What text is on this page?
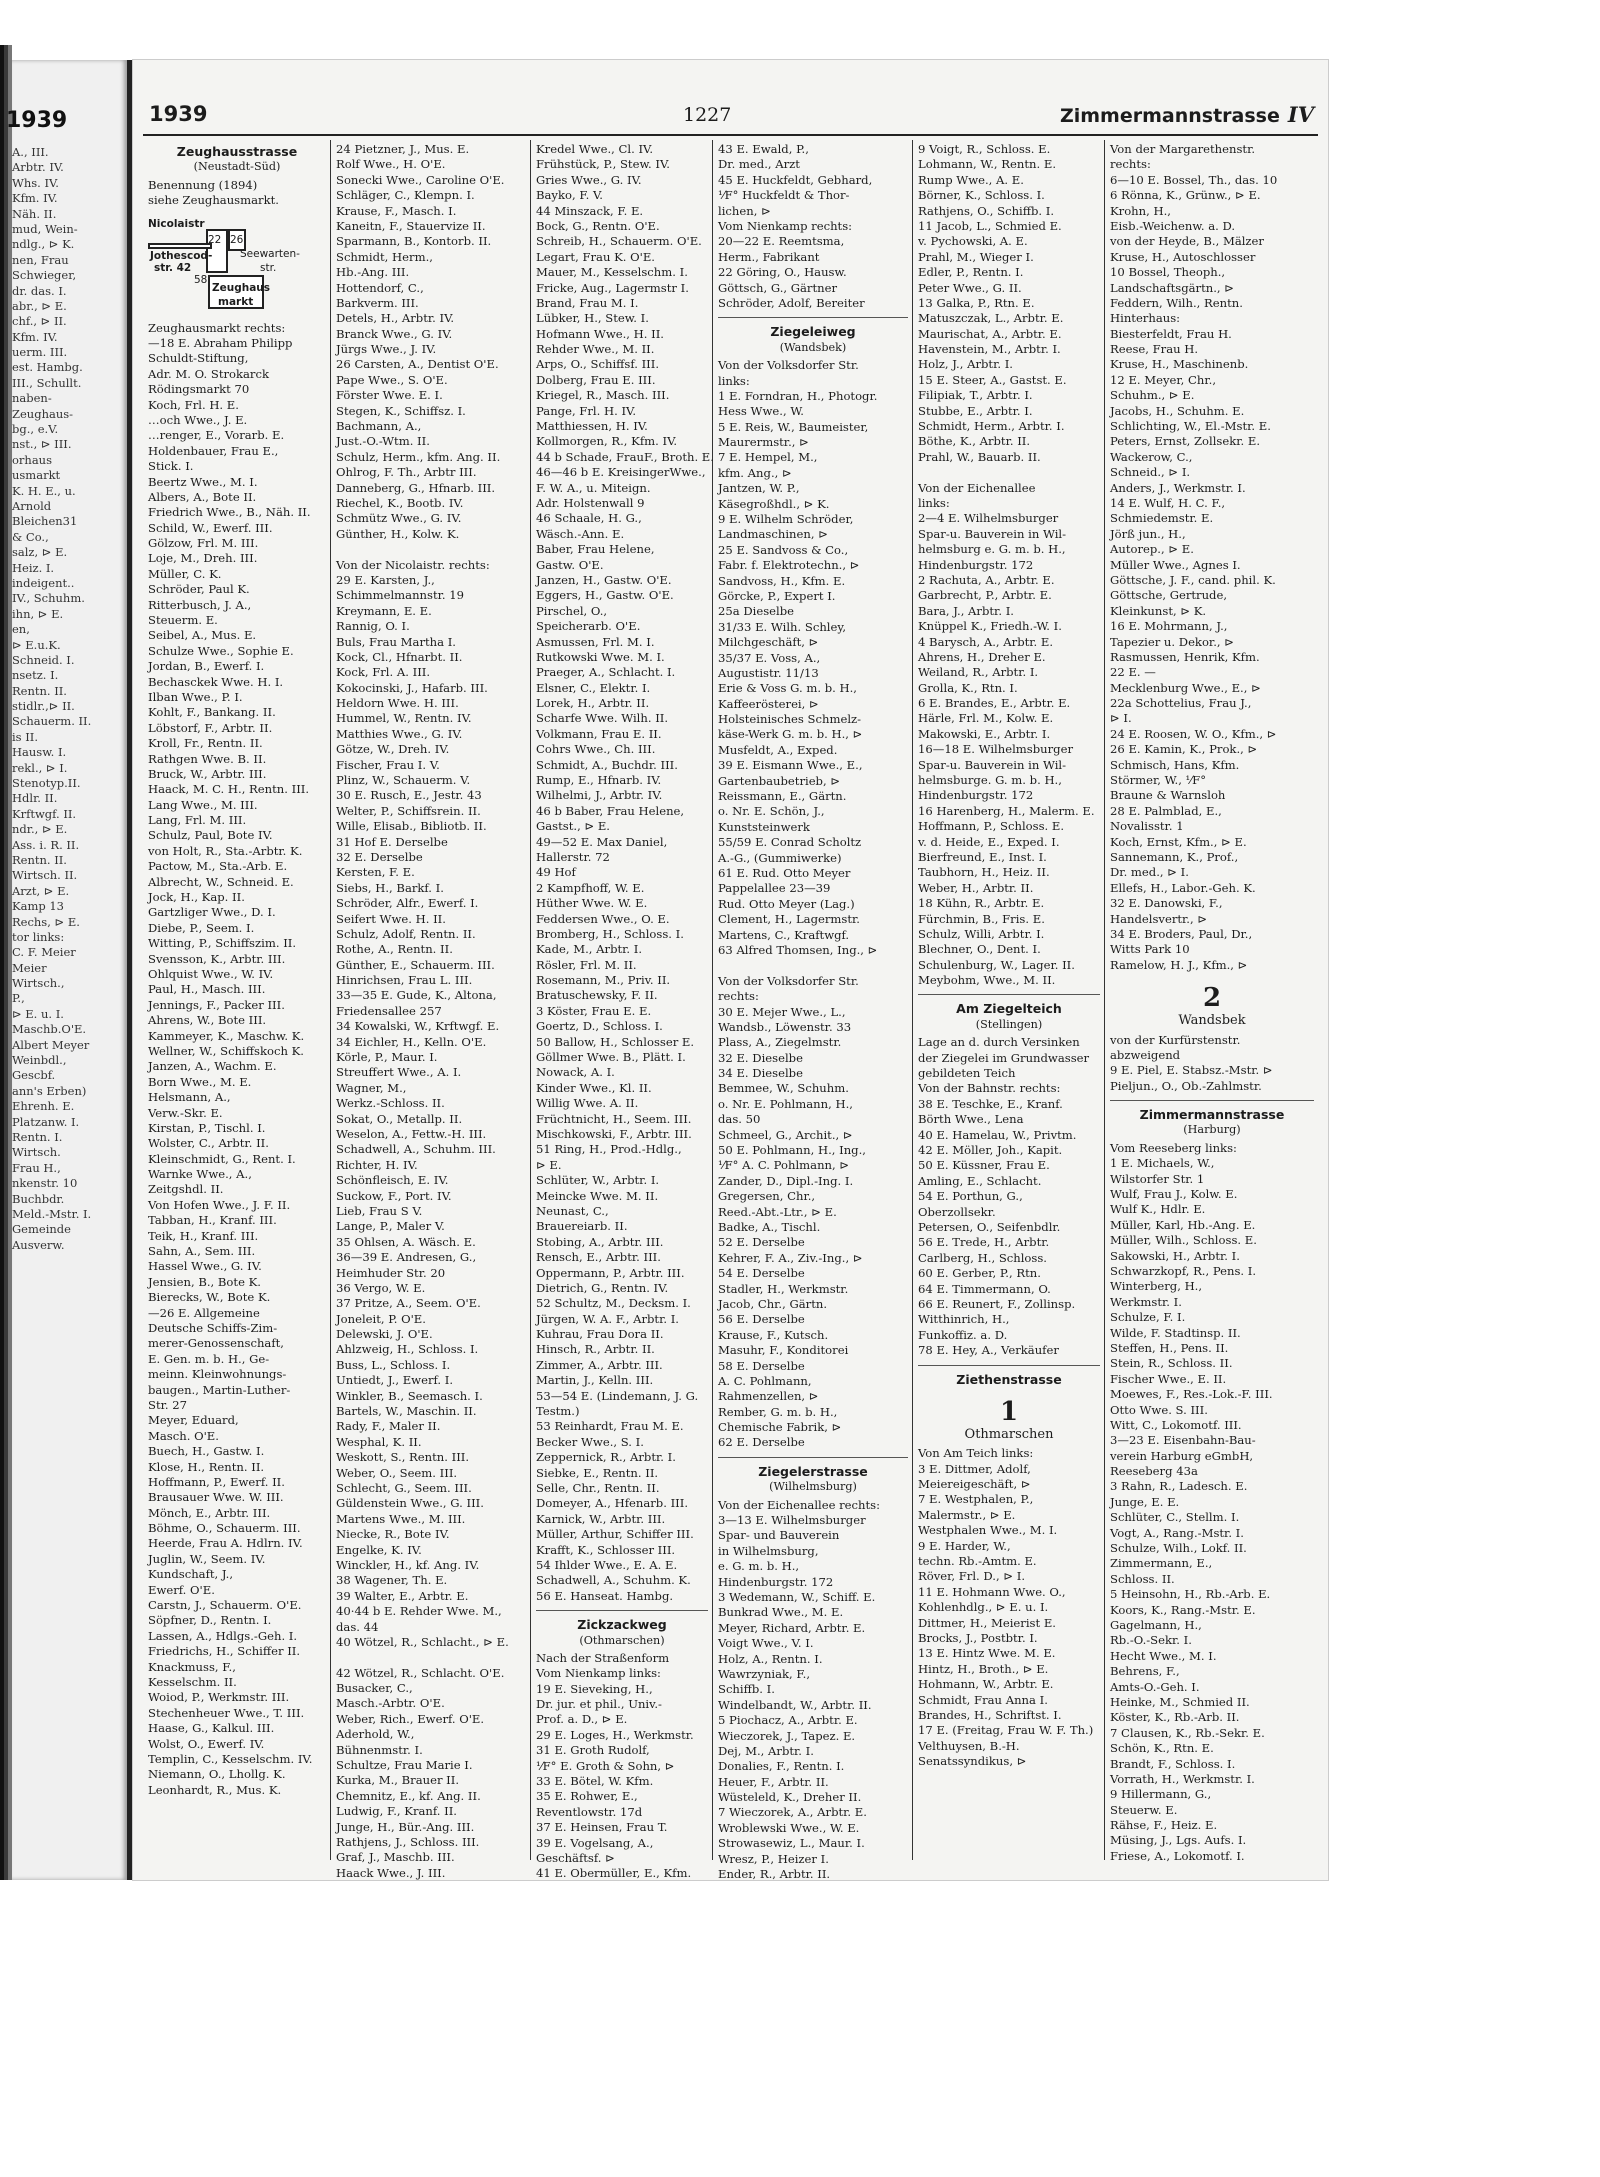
1939
A., III.
Arbtr. IV.
Whs. IV.
Kfm. IV.
Näh. II.
mud, Wein-
ndlg., ⊳ K.
nen, Frau
Schwieger,
dr. das. I.
abr., ⊳ E.
chf., ⊳ II.
Kfm. IV.
uerm. III.
est. Hambg.
III., Schullt.
naben-
Zeughaus-
bg., e.V.
nst., ⊳ III.
orhaus
usmarkt
K. H. E., u.
Arnold
Bleichen31
& Co.,
salz, ⊳ E.
Heiz. I.
indeigent..
IV., Schuhm.
ihn, ⊳ E.
en,
⊳ E.u.K.
Schneid. I.
nsetz. I.
Rentn. II.
stidlr.,⊳ II.
Schauerm. II.
is II.
Hausw. I.
rekl., ⊳ I.
Stenotyp.II.
Hdlr. II.
Krftwgf. II.
ndr., ⊳ E.
Ass. i. R. II.
Rentn. II.
Wirtsch. II.
Arzt, ⊳ E.
Kamp 13
Rechs, ⊳ E.
tor links:
C. F. Meier
Meier
Wirtsch.,
P.,
⊳ E. u. I.
Maschb.O'E.
Albert Meyer
Weinbdl.,
Gescbf.
ann's Erben)
Ehrenh. E.
Platzanw. I.
Rentn. I.
Wirtsch.
Frau H.,
nkenstr. 10
Buchbdr.
Meld.-Mstr. I.
Gemeinde
Ausverw.
1939	1227	Zimmermannstrasse IV
Zeughausstrasse
(Neustadt-Süd)
Benennung (1894)
siehe Zeughausmarkt.
Nicolaistr
22 26
Seewarten-
str.
Jothescod-
str. 42
58
Zeughaus
markt
Zeughausmarkt rechts:
—18 E. Abraham Philipp
Schuldt-Stiftung,
Adr. M. O. Strokarck
Rödingsmarkt 70
Koch, Frl. H. E.
…och Wwe., J. E.
…renger, E., Vorarb. E.
Holdenbauer, Frau E.,
Stick. I.
Beertz Wwe., M. I.
Albers, A., Bote II.
Friedrich Wwe., B., Näh. II.
Schild, W., Ewerf. III.
Gölzow, Frl. M. III.
Loje, M., Dreh. III.
Müller, C. K.
Schröder, Paul K.
Ritterbusch, J. A.,
Steuerm. E.
Seibel, A., Mus. E.
Schulze Wwe., Sophie E.
Jordan, B., Ewerf. I.
Bechasckek Wwe. H. I.
Ilban Wwe., P. I.
Kohlt, F., Bankang. II.
Löbstorf, F., Arbtr. II.
Kroll, Fr., Rentn. II.
Rathgen Wwe. B. II.
Bruck, W., Arbtr. III.
Haack, M. C. H., Rentn. III.
Lang Wwe., M. III.
Lang, Frl. M. III.
Schulz, Paul, Bote IV.
von Holt, R., Sta.-Arbtr. K.
Pactow, M., Sta.-Arb. E.
Albrecht, W., Schneid. E.
Jock, H., Kap. II.
Gartzliger Wwe., D. I.
Diebe, P., Seem. I.
Witting, P., Schiffszim. II.
Svensson, K., Arbtr. III.
Ohlquist Wwe., W. IV.
Paul, H., Masch. III.
Jennings, F., Packer III.
Ahrens, W., Bote III.
Kammeyer, K., Maschw. K.
Wellner, W., Schiffskoch K.
Janzen, A., Wachm. E.
Born Wwe., M. E.
Helsmann, A.,
Verw.-Skr. E.
Kirstan, P., Tischl. I.
Wolster, C., Arbtr. II.
Kleinschmidt, G., Rent. I.
Warnke Wwe., A.,
Zeitgshdl. II.
Von Hofen Wwe., J. F. II.
Tabban, H., Kranf. III.
Teik, H., Kranf. III.
Sahn, A., Sem. III.
Hassel Wwe., G. IV.
Jensien, B., Bote K.
Bierecks, W., Bote K.
—26 E. Allgemeine
Deutsche Schiffs-Zim-
merer-Genossenschaft,
E. Gen. m. b. H., Ge-
meinn. Kleinwohnungs-
baugen., Martin-Luther-
Str. 27
Meyer, Eduard,
Masch. O'E.
Buech, H., Gastw. I.
Klose, H., Rentn. II.
Hoffmann, P., Ewerf. II.
Brausauer Wwe. W. III.
Mönch, E., Arbtr. III.
Böhme, O., Schauerm. III.
Heerde, Frau A. Hdlrn. IV.
Juglin, W., Seem. IV.
Kundschaft, J.,
Ewerf. O'E.
Carstn, J., Schauerm. O'E.
Söpfner, D., Rentn. I.
Lassen, A., Hdlgs.-Geh. I.
Friedrichs, H., Schiffer II.
Knackmuss, F.,
Kesselschm. II.
Woiod, P., Werkmstr. III.
Stechenheuer Wwe., T. III.
Haase, G., Kalkul. III.
Wolst, O., Ewerf. IV.
Templin, C., Kesselschm. IV.
Niemann, O., Lhollg. K.
Leonhardt, R., Mus. K.
24 Pietzner, J., Mus. E.
Rolf Wwe., H. O'E.
Sonecki Wwe., Caroline O'E.
Schläger, C., Klempn. I.
Krause, F., Masch. I.
Kaneitn, F., Stauervize II.
Sparmann, B., Kontorb. II.
Schmidt, Herm.,
Hb.-Ang. III.
Hottendorf, C.,
Barkverm. III.
Detels, H., Arbtr. IV.
Branck Wwe., G. IV.
Jürgs Wwe., J. IV.
26 Carsten, A., Dentist O'E.
Pape Wwe., S. O'E.
Förster Wwe. E. I.
Stegen, K., Schiffsz. I.
Bachmann, A.,
Just.-O.-Wtm. II.
Schulz, Herm., kfm. Ang. II.
Ohlrog, F. Th., Arbtr III.
Danneberg, G., Hfnarb. III.
Riechel, K., Bootb. IV.
Schmütz Wwe., G. IV.
Günther, H., Kolw. K.

Von der Nicolaistr. rechts:
29 E. Karsten, J.,
Schimmelmannstr. 19
Kreymann, E. E.
Rannig, O. I.
Buls, Frau Martha I.
Kock, Cl., Hfnarbt. II.
Kock, Frl. A. III.
Kokocinski, J., Hafarb. III.
Heldorn Wwe. H. III.
Hummel, W., Rentn. IV.
Matthies Wwe., G. IV.
Götze, W., Dreh. IV.
Fischer, Frau I. V.
Plinz, W., Schauerm. V.
30 E. Rusch, E., Jestr. 43
Welter, P., Schiffsrein. II.
Wille, Elisab., Bibliotb. II.
31 Hof E. Derselbe
32 E. Derselbe
Kersten, F. E.
Siebs, H., Barkf. I.
Schröder, Alfr., Ewerf. I.
Seifert Wwe. H. II.
Schulz, Adolf, Rentn. II.
Rothe, A., Rentn. II.
Günther, E., Schauerm. III.
Hinrichsen, Frau L. III.
33—35 E. Gude, K., Altona,
Friedensallee 257
34 Kowalski, W., Krftwgf. E.
34 Eichler, H., Kelln. O'E.
Körle, P., Maur. I.
Streuffert Wwe., A. I.
Wagner, M.,
Werkz.-Schloss. II.
Sokat, O., Metallp. II.
Weselon, A., Fettw.-H. III.
Schadwell, A., Schuhm. III.
Richter, H. IV.
Schönfleisch, E. IV.
Suckow, F., Port. IV.
Lieb, Frau S V.
Lange, P., Maler V.
35 Ohlsen, A. Wäsch. E.
36—39 E. Andresen, G.,
Heimhuder Str. 20
36 Vergo, W. E.
37 Pritze, A., Seem. O'E.
Joneleit, P. O'E.
Delewski, J. O'E.
Ahlzweig, H., Schloss. I.
Buss, L., Schloss. I.
Untiedt, J., Ewerf. I.
Winkler, B., Seemasch. I.
Bartels, W., Maschin. II.
Rady, F., Maler II.
Wesphal, K. II.
Weskott, S., Rentn. III.
Weber, O., Seem. III.
Schlecht, G., Seem. III.
Güldenstein Wwe., G. III.
Martens Wwe., M. III.
Niecke, R., Bote IV.
Engelke, K. IV.
Winckler, H., kf. Ang. IV.
38 Wagener, Th. E.
39 Walter, E., Arbtr. E.
40·44 b E. Rehder Wwe. M.,
das. 44
40 Wötzel, R., Schlacht., ⊳ E.

42 Wötzel, R., Schlacht. O'E.
Busacker, C.,
Masch.-Arbtr. O'E.
Weber, Rich., Ewerf. O'E.
Aderhold, W.,
Bühnenmstr. I.
Schultze, Frau Marie I.
Kurka, M., Brauer II.
Chemnitz, E., kf. Ang. II.
Ludwig, F., Kranf. II.
Junge, H., Bür.-Ang. III.
Rathjens, J., Schloss. III.
Graf, J., Maschb. III.
Haack Wwe., J. III.
Kredel Wwe., Cl. IV.
Frühstück, P., Stew. IV.
Gries Wwe., G. IV.
Bayko, F. V.
44 Minszack, F. E.
Bock, G., Rentn. O'E.
Schreib, H., Schauerm. O'E.
Legart, Frau K. O'E.
Mauer, M., Kesselschm. I.
Fricke, Aug., Lagermstr I.
Brand, Frau M. I.
Lübker, H., Stew. I.
Hofmann Wwe., H. II.
Rehder Wwe., M. II.
Arps, O., Schiffsf. III.
Dolberg, Frau E. III.
Kriegel, R., Masch. III.
Pange, Frl. H. IV.
Matthiessen, H. IV.
Kollmorgen, R., Kfm. IV.
44 b Schade, FrauF., Broth. E.
46—46 b E. KreisingerWwe.,
F. W. A., u. Miteign.
Adr. Holstenwall 9
46 Schaale, H. G.,
Wäsch.-Ann. E.
Baber, Frau Helene,
Gastw. O'E.
Janzen, H., Gastw. O'E.
Eggers, H., Gastw. O'E.
Pirschel, O.,
Speicherarb. O'E.
Asmussen, Frl. M. I.
Rutkowski Wwe. M. I.
Praeger, A., Schlacht. I.
Elsner, C., Elektr. I.
Lorek, H., Arbtr. II.
Scharfe Wwe. Wilh. II.
Volkmann, Frau E. II.
Cohrs Wwe., Ch. III.
Schmidt, A., Buchdr. III.
Rump, E., Hfnarb. IV.
Wilhelmi, J., Arbtr. IV.
46 b Baber, Frau Helene,
Gastst., ⊳ E.
49—52 E. Max Daniel,
Hallerstr. 72
49 Hof
2 Kampfhoff, W. E.
Hüther Wwe. W. E.
Feddersen Wwe., O. E.
Bromberg, H., Schloss. I.
Kade, M., Arbtr. I.
Rösler, Frl. M. II.
Rosemann, M., Priv. II.
Bratuschewsky, F. II.
3 Köster, Frau E. E.
Goertz, D., Schloss. I.
50 Ballow, H., Schlosser E.
Göllmer Wwe. B., Plätt. I.
Nowack, A. I.
Kinder Wwe., Kl. II.
Willig Wwe. A. II.
Früchtnicht, H., Seem. III.
Mischkowski, F., Arbtr. III.
51 Ring, H., Prod.-Hdlg.,
⊳ E.
Schlüter, W., Arbtr. I.
Meincke Wwe. M. II.
Neunast, C.,
Brauereiarb. II.
Stobing, A., Arbtr. III.
Rensch, E., Arbtr. III.
Oppermann, P., Arbtr. III.
Dietrich, G., Rentn. IV.
52 Schultz, M., Decksm. I.
Jürgen, W. A. F., Arbtr. I.
Kuhrau, Frau Dora II.
Hinsch, R., Arbtr. II.
Zimmer, A., Arbtr. III.
Martin, J., Kelln. III.
53—54 E. (Lindemann, J. G.
Testm.)
53 Reinhardt, Frau M. E.
Becker Wwe., S. I.
Zeppernick, R., Arbtr. I.
Siebke, E., Rentn. II.
Selle, Chr., Rentn. II.
Domeyer, A., Hfenarb. III.
Karnick, W., Arbtr. III.
Müller, Arthur, Schiffer III.
Krafft, K., Schlosser III.
54 Ihlder Wwe., E. A. E.
Schadwell, A., Schuhm. K.
56 E. Hanseat. Hambg.
Zickzackweg
(Othmarschen)
Nach der Straßenform
Vom Nienkamp links:
19 E. Sieveking, H.,
Dr. jur. et phil., Univ.-
Prof. a. D., ⊳ E.
29 E. Loges, H., Werkmstr.
31 E. Groth Rudolf,
⅟F° E. Groth & Sohn, ⊳
33 E. Bötel, W. Kfm.
35 E. Rohwer, E.,
Reventlowstr. 17d
37 E. Heinsen, Frau T.
39 E. Vogelsang, A.,
Geschäftsf. ⊳
41 E. Obermüller, E., Kfm.
43 E. Ewald, P.,
Dr. med., Arzt
45 E. Huckfeldt, Gebhard,
⅟F° Huckfeldt & Thor-
lichen, ⊳
Vom Nienkamp rechts:
20—22 E. Reemtsma,
Herm., Fabrikant
22 Göring, O., Hausw.
Göttsch, G., Gärtner
Schröder, Adolf, Bereiter
Ziegeleiweg
(Wandsbek)
Von der Volksdorfer Str.
links:
1 E. Forndran, H., Photogr.
Hess Wwe., W.
5 E. Reis, W., Baumeister,
Maurermstr., ⊳
7 E. Hempel, M.,
kfm. Ang., ⊳
Jantzen, W. P.,
Käsegroßhdl., ⊳ K.
9 E. Wilhelm Schröder,
Landmaschinen, ⊳
25 E. Sandvoss & Co.,
Fabr. f. Elektrotechn., ⊳
Sandvoss, H., Kfm. E.
Görcke, P., Expert I.
25a Dieselbe
31/33 E. Wilh. Schley,
Milchgeschäft, ⊳
35/37 E. Voss, A.,
Augustistr. 11/13
Erie & Voss G. m. b. H.,
Kaffeerösterei, ⊳
Holsteinisches Schmelz-
käse-Werk G. m. b. H., ⊳
Musfeldt, A., Exped.
39 E. Eismann Wwe., E.,
Gartenbaubetrieb, ⊳
Reissmann, E., Gärtn.
o. Nr. E. Schön, J.,
Kunststeinwerk
55/59 E. Conrad Scholtz
A.-G., (Gummiwerke)
61 E. Rud. Otto Meyer
Pappelallee 23—39
Rud. Otto Meyer (Lag.)
Clement, H., Lagermstr.
Martens, C., Kraftwgf.
63 Alfred Thomsen, Ing., ⊳

Von der Volksdorfer Str.
rechts:
30 E. Mejer Wwe., L.,
Wandsb., Löwenstr. 33
Plass, A., Ziegelmstr.
32 E. Dieselbe
34 E. Dieselbe
Bemmee, W., Schuhm.
o. Nr. E. Pohlmann, H.,
das. 50
Schmeel, G., Archit., ⊳
50 E. Pohlmann, H., Ing.,
⅟F° A. C. Pohlmann, ⊳
Zander, D., Dipl.-Ing. I.
Gregersen, Chr.,
Reed.-Abt.-Ltr., ⊳ E.
Badke, A., Tischl.
52 E. Derselbe
Kehrer, F. A., Ziv.-Ing., ⊳
54 E. Derselbe
Stadler, H., Werkmstr.
Jacob, Chr., Gärtn.
56 E. Derselbe
Krause, F., Kutsch.
Masuhr, F., Konditorei
58 E. Derselbe
A. C. Pohlmann,
Rahmenzellen, ⊳
Rember, G. m. b. H.,
Chemische Fabrik, ⊳
62 E. Derselbe
Ziegelerstrasse
(Wilhelmsburg)
Von der Eichenallee rechts:
3—13 E. Wilhelmsburger
Spar- und Bauverein
in Wilhelmsburg,
e. G. m. b. H.,
Hindenburgstr. 172
3 Wedemann, W., Schiff. E.
Bunkrad Wwe., M. E.
Meyer, Richard, Arbtr. E.
Voigt Wwe., V. I.
Holz, A., Rentn. I.
Wawrzyniak, F.,
Schiffb. I.
Windelbandt, W., Arbtr. II.
5 Piochacz, A., Arbtr. E.
Wieczorek, J., Tapez. E.
Dej, M., Arbtr. I.
Donalies, F., Rentn. I.
Heuer, F., Arbtr. II.
Wüsteleld, K., Dreher II.
7 Wieczorek, A., Arbtr. E.
Wroblewski Wwe., W. E.
Strowasewiz, L., Maur. I.
Wresz, P., Heizer I.
Ender, R., Arbtr. II.
9 Voigt, R., Schloss. E.
Lohmann, W., Rentn. E.
Rump Wwe., A. E.
Börner, K., Schloss. I.
Rathjens, O., Schiffb. I.
11 Jacob, L., Schmied E.
v. Pychowski, A. E.
Prahl, M., Wieger I.
Edler, P., Rentn. I.
Peter Wwe., G. II.
13 Galka, P., Rtn. E.
Matuszczak, L., Arbtr. E.
Maurischat, A., Arbtr. E.
Havenstein, M., Arbtr. I.
Holz, J., Arbtr. I.
15 E. Steer, A., Gastst. E.
Filipiak, T., Arbtr. I.
Stubbe, E., Arbtr. I.
Schmidt, Herm., Arbtr. I.
Böthe, K., Arbtr. II.
Prahl, W., Bauarb. II.

Von der Eichenallee
links:
2—4 E. Wilhelmsburger
Spar-u. Bauverein in Wil-
helmsburg e. G. m. b. H.,
Hindenburgstr. 172
2 Rachuta, A., Arbtr. E.
Garbrecht, P., Arbtr. E.
Bara, J., Arbtr. I.
Knüppel K., Friedh.-W. I.
4 Barysch, A., Arbtr. E.
Ahrens, H., Dreher E.
Weiland, R., Arbtr. I.
Grolla, K., Rtn. I.
6 E. Brandes, E., Arbtr. E.
Härle, Frl. M., Kolw. E.
Makowski, E., Arbtr. I.
16—18 E. Wilhelmsburger
Spar-u. Bauverein in Wil-
helmsburge. G. m. b. H.,
Hindenburgstr. 172
16 Harenberg, H., Malerm. E.
Hoffmann, P., Schloss. E.
v. d. Heide, E., Exped. I.
Bierfreund, E., Inst. I.
Taubhorn, H., Heiz. II.
Weber, H., Arbtr. II.
18 Kühn, R., Arbtr. E.
Fürchmin, B., Fris. E.
Schulz, Willi, Arbtr. I.
Blechner, O., Dent. I.
Schulenburg, W., Lager. II.
Meybohm, Wwe., M. II.
Am Ziegelteich
(Stellingen)
Lage an d. durch Versinken
der Ziegelei im Grundwasser
gebildeten Teich
Von der Bahnstr. rechts:
38 E. Teschke, E., Kranf.
Börth Wwe., Lena
40 E. Hamelau, W., Privtm.
42 E. Möller, Joh., Kapit.
50 E. Küssner, Frau E.
Amling, E., Schlacht.
54 E. Porthun, G.,
Oberzollsekr.
Petersen, O., Seifenbdlr.
56 E. Trede, H., Arbtr.
Carlberg, H., Schloss.
60 E. Gerber, P., Rtn.
64 E. Timmermann, O.
66 E. Reunert, F., Zollinsp.
Witthinrich, H.,
Funkoffiz. a. D.
78 E. Hey, A., Verkäufer
Ziethenstrasse
1
Othmarschen
Von Am Teich links:
3 E. Dittmer, Adolf,
Meiereigeschäft, ⊳
7 E. Westphalen, P.,
Malermstr., ⊳ E.
Westphalen Wwe., M. I.
9 E. Harder, W.,
techn. Rb.-Amtm. E.
Röver, Frl. D., ⊳ I.
11 E. Hohmann Wwe. O.,
Kohlenhdlg., ⊳ E. u. I.
Dittmer, H., Meierist E.
Brocks, J., Postbtr. I.
13 E. Hintz Wwe. M. E.
Hintz, H., Broth., ⊳ E.
Hohmann, W., Arbtr. E.
Schmidt, Frau Anna I.
Brandes, H., Schriftst. I.
17 E. (Freitag, Frau W. F. Th.)
Velthuysen, B.-H.
Senatssyndikus, ⊳
Von der Margarethenstr.
rechts:
6—10 E. Bossel, Th., das. 10
6 Rönna, K., Grünw., ⊳ E.
Krohn, H.,
Eisb.-Weichenw. a. D.
von der Heyde, B., Mälzer
Kruse, H., Autoschlosser
10 Bossel, Theoph.,
Landschaftsgärtn., ⊳
Feddern, Wilh., Rentn.
Hinterhaus:
Biesterfeldt, Frau H.
Reese, Frau H.
Kruse, H., Maschinenb.
12 E. Meyer, Chr.,
Schuhm., ⊳ E.
Jacobs, H., Schuhm. E.
Schlichting, W., El.-Mstr. E.
Peters, Ernst, Zollsekr. E.
Wackerow, C.,
Schneid., ⊳ I.
Anders, J., Werkmstr. I.
14 E. Wulf, H. C. F.,
Schmiedemstr. E.
Jörß jun., H.,
Autorep., ⊳ E.
Müller Wwe., Agnes I.
Göttsche, J. F., cand. phil. K.
Göttsche, Gertrude,
Kleinkunst, ⊳ K.
16 E. Mohrmann, J.,
Tapezier u. Dekor., ⊳
Rasmussen, Henrik, Kfm.
22 E. —
Mecklenburg Wwe., E., ⊳
22a Schottelius, Frau J.,
⊳ I.
24 E. Roosen, W. O., Kfm., ⊳
26 E. Kamin, K., Prok., ⊳
Schmisch, Hans, Kfm.
Störmer, W., ⅟F°
Braune & Warnsloh
28 E. Palmblad, E.,
Novalisstr. 1
Koch, Ernst, Kfm., ⊳ E.
Sannemann, K., Prof.,
Dr. med., ⊳ I.
Ellefs, H., Labor.-Geh. K.
32 E. Danowski, F.,
Handelsvertr., ⊳
34 E. Broders, Paul, Dr.,
Witts Park 10
Ramelow, H. J., Kfm., ⊳
2
Wandsbek
von der Kurfürstenstr.
abzweigend
9 E. Piel, E. Stabsz.-Mstr. ⊳
Pieljun., O., Ob.-Zahlmstr.
Zimmermannstrasse
(Harburg)
Vom Reeseberg links:
1 E. Michaels, W.,
Wilstorfer Str. 1
Wulf, Frau J., Kolw. E.
Wulf K., Hdlr. E.
Müller, Karl, Hb.-Ang. E.
Müller, Wilh., Schloss. E.
Sakowski, H., Arbtr. I.
Schwarzkopf, R., Pens. I.
Winterberg, H.,
Werkmstr. I.
Schulze, F. I.
Wilde, F. Stadtinsp. II.
Steffen, H., Pens. II.
Stein, R., Schloss. II.
Fischer Wwe., E. II.
Moewes, F., Res.-Lok.-F. III.
Otto Wwe. S. III.
Witt, C., Lokomotf. III.
3—23 E. Eisenbahn-Bau-
verein Harburg eGmbH,
Reeseberg 43a
3 Rahn, R., Ladesch. E.
Junge, E. E.
Schlüter, C., Stellm. I.
Vogt, A., Rang.-Mstr. I.
Schulze, Wilh., Lokf. II.
Zimmermann, E.,
Schloss. II.
5 Heinsohn, H., Rb.-Arb. E.
Koors, K., Rang.-Mstr. E.
Gagelmann, H.,
Rb.-O.-Sekr. I.
Hecht Wwe., M. I.
Behrens, F.,
Amts-O.-Geh. I.
Heinke, M., Schmied II.
Köster, K., Rb.-Arb. II.
7 Clausen, K., Rb.-Sekr. E.
Schön, K., Rtn. E.
Brandt, F., Schloss. I.
Vorrath, H., Werkmstr. I.
9 Hillermann, G.,
Steuerw. E.
Rähse, F., Heiz. E.
Müsing, J., Lgs. Aufs. I.
Friese, A., Lokomotf. I.
